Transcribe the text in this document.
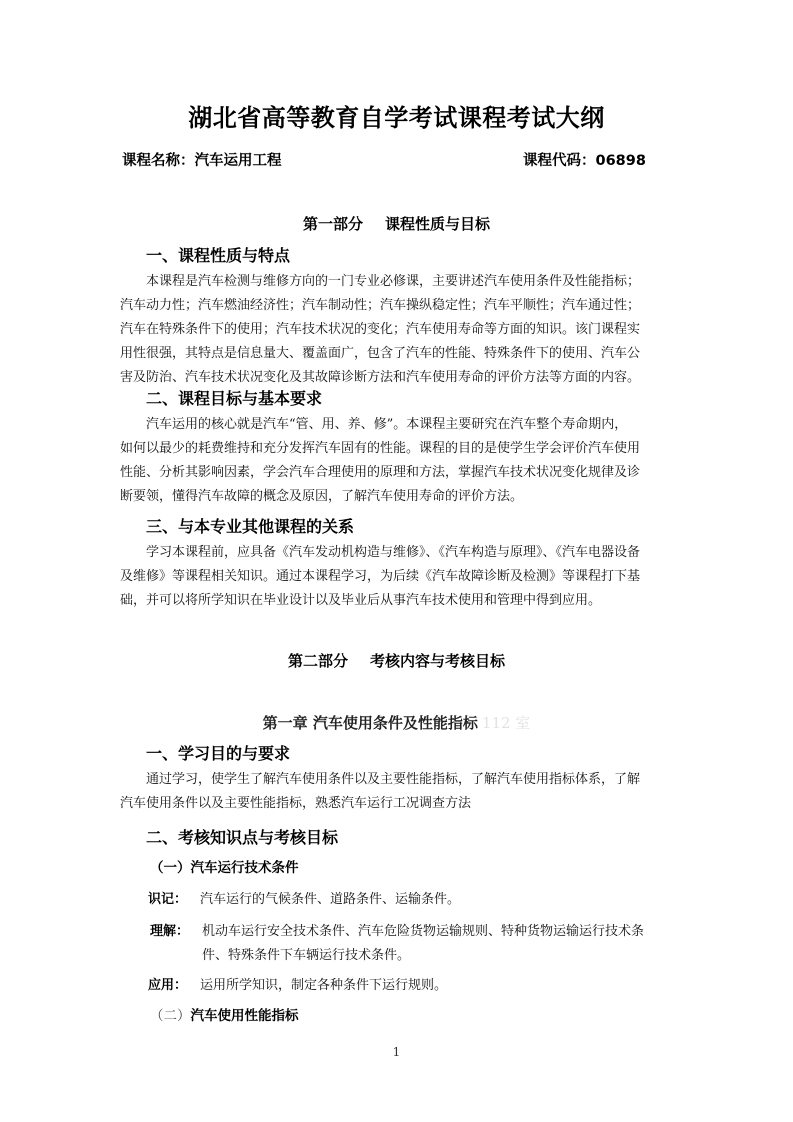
湖北省高等教育自学考试课程考试大纲
课程名称：汽车运用工程	课程代码：06898
第一部分 课程性质与目标
一、课程性质与特点
本课程是汽车检测与维修方向的一门专业必修课，主要讲述汽车使用条件及性能指标；
汽车动力性；汽车燃油经济性；汽车制动性；汽车操纵稳定性；汽车平顺性；汽车通过性；
汽车在特殊条件下的使用；汽车技术状况的变化；汽车使用寿命等方面的知识。该门课程实
用性很强，其特点是信息量大、覆盖面广，包含了汽车的性能、特殊条件下的使用、汽车公
害及防治、汽车技术状况变化及其故障诊断方法和汽车使用寿命的评价方法等方面的内容。
二、课程目标与基本要求
汽车运用的核心就是汽车“管、用、养、修”。本课程主要研究在汽车整个寿命期内，
如何以最少的耗费维持和充分发挥汽车固有的性能。课程的目的是使学生学会评价汽车使用
性能、分析其影响因素，学会汽车合理使用的原理和方法，掌握汽车技术状况变化规律及诊
断要领，懂得汽车故障的概念及原因，了解汽车使用寿命的评价方法。
三、与本专业其他课程的关系
学习本课程前，应具备《汽车发动机构造与维修》、《汽车构造与原理》、《汽车电器设备
及维修》等课程相关知识。通过本课程学习，为后续《汽车故障诊断及检测》等课程打下基
础，并可以将所学知识在毕业设计以及毕业后从事汽车技术使用和管理中得到应用。
第二部分 考核内容与考核目标
第一章 汽车使用条件及性能指标 112 室
一、学习目的与要求
通过学习，使学生了解汽车使用条件以及主要性能指标，了解汽车使用指标体系，了解
汽车使用条件以及主要性能指标，熟悉汽车运行工况调查方法
二、考核知识点与考核目标
（一）汽车运行技术条件
识记： 汽车运行的气候条件、道路条件、运输条件。
理解： 机动车运行安全技术条件、汽车危险货物运输规则、特种货物运输运行技术条
件、特殊条件下车辆运行技术条件。
应用： 运用所学知识，制定各种条件下运行规则。
（二）汽车使用性能指标
1
